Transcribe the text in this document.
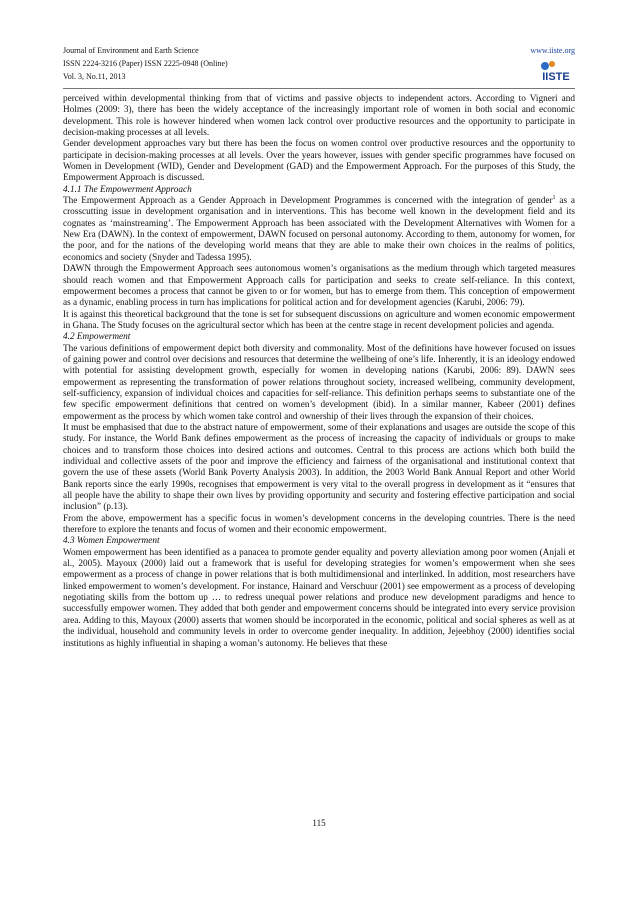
Journal of Environment and Earth Science
ISSN 2224-3216 (Paper) ISSN 2225-0948 (Online)
Vol. 3, No.11, 2013
www.iiste.org
IISTE

perceived within developmental thinking from that of victims and passive objects to independent actors. According to Vigneri and Holmes (2009: 3), there has been the widely acceptance of the increasingly important role of women in both social and economic development. This role is however hindered when women lack control over productive resources and the opportunity to participate in decision-making processes at all levels.

Gender development approaches vary but there has been the focus on women control over productive resources and the opportunity to participate in decision-making processes at all levels. Over the years however, issues with gender specific programmes have focused on Women in Development (WID), Gender and Development (GAD) and the Empowerment Approach. For the purposes of this Study, the Empowerment Approach is discussed.

4.1.1 The Empowerment Approach

The Empowerment Approach as a Gender Approach in Development Programmes is concerned with the integration of gender$^1$ as a crosscutting issue in development organisation and in interventions. This has become well known in the development field and its cognates as ‘mainstreaming’. The Empowerment Approach has been associated with the Development Alternatives with Women for a New Era (DAWN). In the context of empowerment, DAWN focused on personal autonomy. According to them, autonomy for women, for the poor, and for the nations of the developing world means that they are able to make their own choices in the realms of politics, economics and society (Snyder and Tadessa 1995).

DAWN through the Empowerment Approach sees autonomous women’s organisations as the medium through which targeted measures should reach women and that Empowerment Approach calls for participation and seeks to create self-reliance. In this context, empowerment becomes a process that cannot be given to or for women, but has to emerge from them. This conception of empowerment as a dynamic, enabling process in turn has implications for political action and for development agencies (Karubi, 2006: 79).

It is against this theoretical background that the tone is set for subsequent discussions on agriculture and women economic empowerment in Ghana. The Study focuses on the agricultural sector which has been at the centre stage in recent development policies and agenda.

4.2 Empowerment

The various definitions of empowerment depict both diversity and commonality. Most of the definitions have however focused on issues of gaining power and control over decisions and resources that determine the wellbeing of one’s life. Inherently, it is an ideology endowed with potential for assisting development growth, especially for women in developing nations (Karubi, 2006: 89). DAWN sees empowerment as representing the transformation of power relations throughout society, increased wellbeing, community development, self-sufficiency, expansion of individual choices and capacities for self-reliance. This definition perhaps seems to substantiate one of the few specific empowerment definitions that centred on women’s development (ibid). In a similar manner, Kabeer (2001) defines empowerment as the process by which women take control and ownership of their lives through the expansion of their choices.

It must be emphasised that due to the abstract nature of empowerment, some of their explanations and usages are outside the scope of this study. For instance, the World Bank defines empowerment as the process of increasing the capacity of individuals or groups to make choices and to transform those choices into desired actions and outcomes. Central to this process are actions which both build the individual and collective assets of the poor and improve the efficiency and fairness of the organisational and institutional context that govern the use of these assets (World Bank Poverty Analysis 2003). In addition, the 2003 World Bank Annual Report and other World Bank reports since the early 1990s, recognises that empowerment is very vital to the overall progress in development as it “ensures that all people have the ability to shape their own lives by providing opportunity and security and fostering effective participation and social inclusion” (p.13).

From the above, empowerment has a specific focus in women’s development concerns in the developing countries. There is the need therefore to explore the tenants and focus of women and their economic empowerment.

4.3 Women Empowerment

Women empowerment has been identified as a panacea to promote gender equality and poverty alleviation among poor women (Anjali et al., 2005). Mayoux (2000) laid out a framework that is useful for developing strategies for women’s empowerment when she sees empowerment as a process of change in power relations that is both multidimensional and interlinked. In addition, most researchers have linked empowerment to women’s development. For instance, Hainard and Verschuur (2001) see empowerment as a process of developing negotiating skills from the bottom up … to redress unequal power relations and produce new development paradigms and hence to successfully empower women. They added that both gender and empowerment concerns should be integrated into every service provision area. Adding to this, Mayoux (2000) asserts that women should be incorporated in the economic, political and social spheres as well as at the individual, household and community levels in order to overcome gender inequality. In addition, Jejeebhoy (2000) identifies social institutions as highly influential in shaping a woman’s autonomy. He believes that these

115
